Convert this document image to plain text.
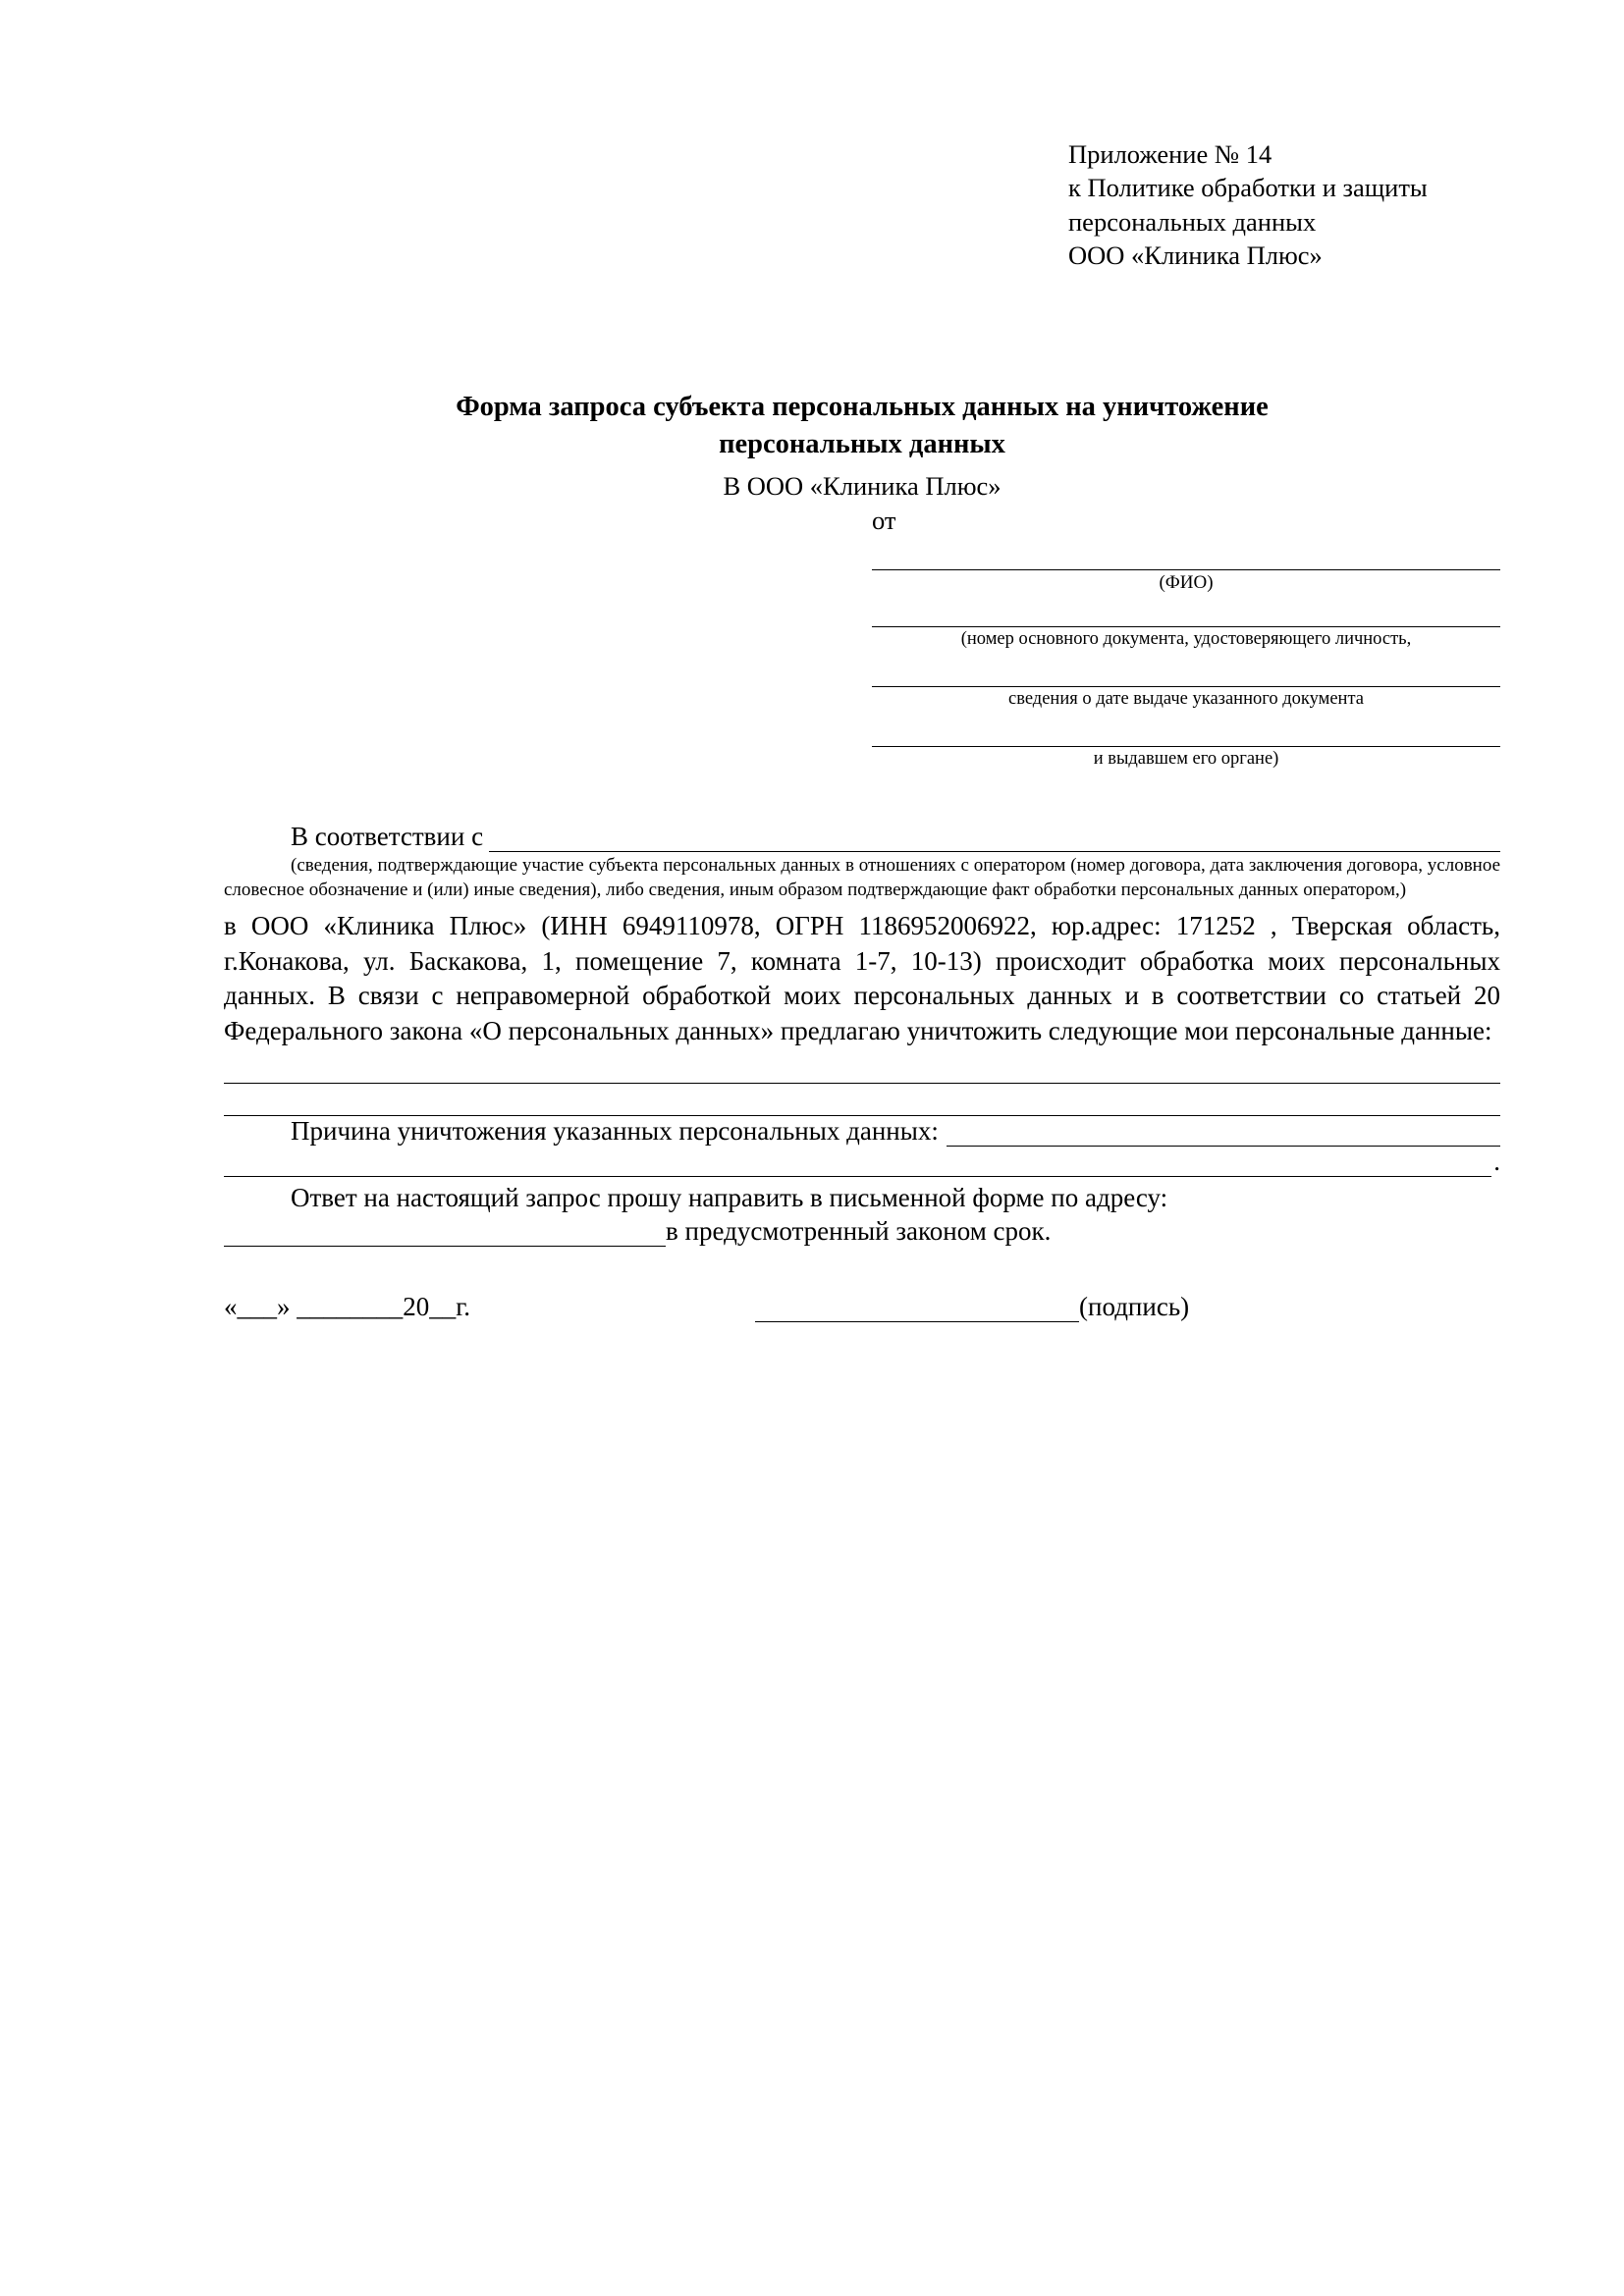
Приложение № 14
к Политике обработки и защиты
персональных данных
ООО «Клиника Плюс»
Форма запроса субъекта персональных данных на уничтожение
персональных данных
В ООО «Клиника Плюс»
от
(ФИО)
(номер основного документа, удостоверяющего личность,
сведения о дате выдаче указанного документа
и выдавшем его органе)
В соответствии с
(сведения, подтверждающие участие субъекта персональных данных в отношениях с оператором (номер договора, дата заключения договора, условное словесное обозначение и (или) иные сведения), либо сведения, иным образом подтверждающие факт обработки персональных данных оператором,)
в ООО «Клиника Плюс» (ИНН 6949110978, ОГРН 1186952006922, юр.адрес: 171252 , Тверская область, г.Конакова, ул. Баскакова, 1, помещение 7, комната 1-7, 10-13) происходит обработка моих персональных данных. В связи с неправомерной обработкой моих персональных данных и в соответствии со статьей 20 Федерального закона «О персональных данных» предлагаю уничтожить следующие мои персональные данные:
Причина уничтожения указанных персональных данных:
.
Ответ на настоящий запрос прошу направить в письменной форме по адресу:
в предусмотренный законом срок.
«___» ________20__г.	(подпись)
